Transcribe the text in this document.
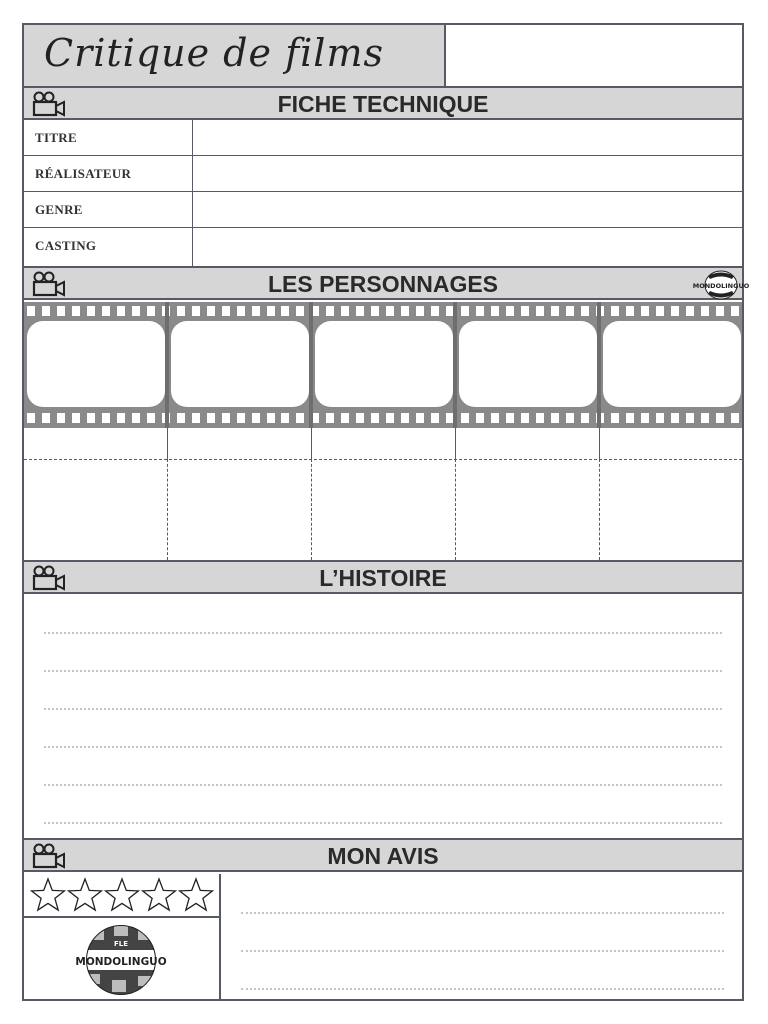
Critique de films
FICHE TECHNIQUE
TITRE
RÉALISATEUR
GENRE
CASTING
LES PERSONNAGES	MONDOLINGUO
L’HISTOIRE
MON AVIS
MONDOLINGUO
FLE
